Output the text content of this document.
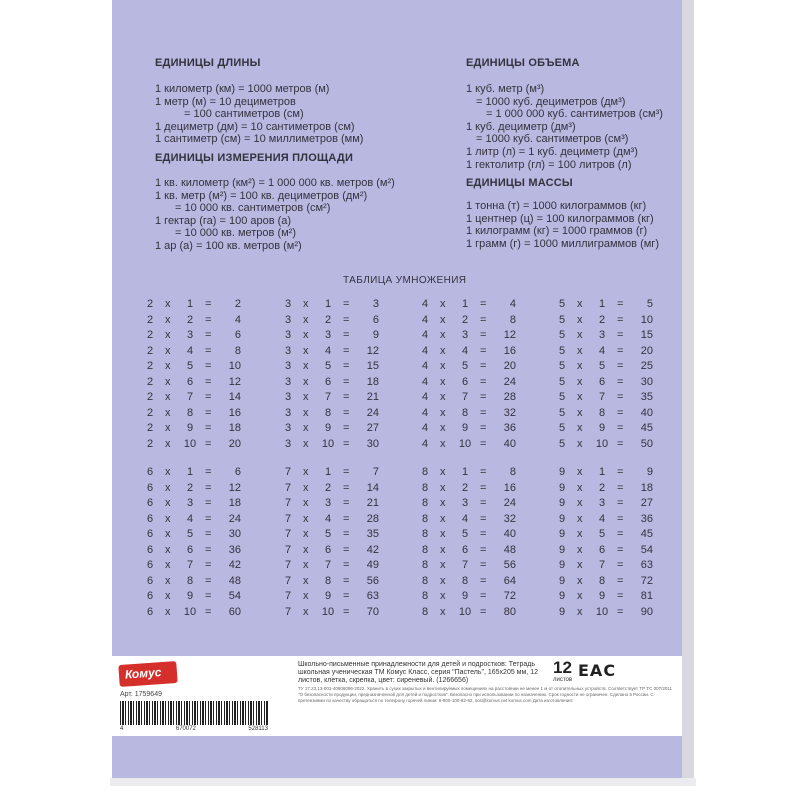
ЕДИНИЦЫ ДЛИНЫ
1 километр (км) = 1000 метров (м)
1 метр (м) = 10 дециметров
= 100 сантиметров (см)
1 дециметр (дм) = 10 сантиметров (см)
1 сантиметр (см) = 10 миллиметров (мм)
ЕДИНИЦЫ ИЗМЕРЕНИЯ ПЛОЩАДИ
1 кв. километр (км²) = 1 000 000 кв. метров (м²)
1 кв. метр (м²) = 100 кв. дециметров (дм²)
= 10 000 кв. сантиметров (см²)
1 гектар (га) = 100 аров (а)
= 10 000 кв. метров (м²)
1 ар (а) = 100 кв. метров (м²)
ЕДИНИЦЫ ОБЪЕМА
1 куб. метр (м³)
= 1000 куб. дециметров (дм³)
= 1 000 000 куб. сантиметров (см³)
1 куб. дециметр (дм³)
= 1000 куб. сантиметров (см³)
1 литр (л) = 1 куб. дециметр (дм³)
1 гектолитр (гл) = 100 литров (л)
ЕДИНИЦЫ МАССЫ
1 тонна (т) = 1000 килограммов (кг)
1 центнер (ц) = 100 килограммов (кг)
1 килограмм (кг) = 1000 граммов (г)
1 грамм (г) = 1000 миллиграммов (мг)
ТАБЛИЦА УМНОЖЕНИЯ
2 x	1	= 2
2 x	2	= 4
2 x	3	= 6
2 x	4	= 8
2 x	5	= 10
2 x	6	= 12
2 x	7	= 14
2 x	8	= 16
2 x	9	= 18
2 x 10 = 20
3 x	1	= 3
3 x	2	= 6
3 x	3	= 9
3 x	4	= 12
3 x	5	= 15
3 x	6	= 18
3 x	7	= 21
3 x	8	= 24
3 x	9	= 27
3 x 10 = 30
4 x	1	= 4
4 x	2	= 8
4 x	3	= 12
4 x	4	= 16
4 x	5	= 20
4 x	6	= 24
4 x	7	= 28
4 x	8	= 32
4 x	9	= 36
4 x 10 = 40
5 x	1	= 5
5 x	2	= 10
5 x	3	= 15
5 x	4	= 20
5 x	5	= 25
5 x	6	= 30
5 x	7	= 35
5 x	8	= 40
5 x	9	= 45
5 x 10 = 50
6 x	1	= 6
6 x	2	= 12
6 x	3	= 18
6 x	4	= 24
6 x	5	= 30
6 x	6	= 36
6 x	7	= 42
6 x	8	= 48
6 x	9	= 54
6 x 10 = 60
7 x	1	= 7
7 x	2	= 14
7 x	3	= 21
7 x	4	= 28
7 x	5	= 35
7 x	6	= 42
7 x	7	= 49
7 x	8	= 56
7 x	9	= 63
7 x 10 = 70
8 x	1	= 8
8 x	2	= 16
8 x	3	= 24
8 x	4	= 32
8 x	5	= 40
8 x	6	= 48
8 x	7	= 56
8 x	8	= 64
8 x	9	= 72
8 x 10 = 80
9 x	1	= 9
9 x	2	= 18
9 x	3	= 27
9 x	4	= 36
9 x	5	= 45
9 x	6	= 54
9 x	7	= 63
9 x	8	= 72
9 x	9	= 81
9 x 10 = 90
Комус
Арт. 1759649
4	670072	528113
Школьно-письменные принадлежности для детей и подростков: Тетрадь школьная ученическая ТМ Комус Класс, серия "Пастель", 165х205 мм, 12 листов, клетка, скрепка, цвет: сиреневый. (1266656)
ТУ 17.23.13-001-40606096-2022. Хранить в сухих закрытых и вентилируемых помещениях на расстоянии не менее 1 м от отопительных устройств. Соответствует ТР ТС 007/2011 "О безопасности продукции, предназначенной для детей и подростков". Безопасно при использовании по назначению. Срок годности не ограничен. Сделано в России. С претензиями по качеству обращаться по телефону горячей линии: 8-800-100-82-92, sos@komus.net komus.com Дата изготовления:
12
листов EAC
